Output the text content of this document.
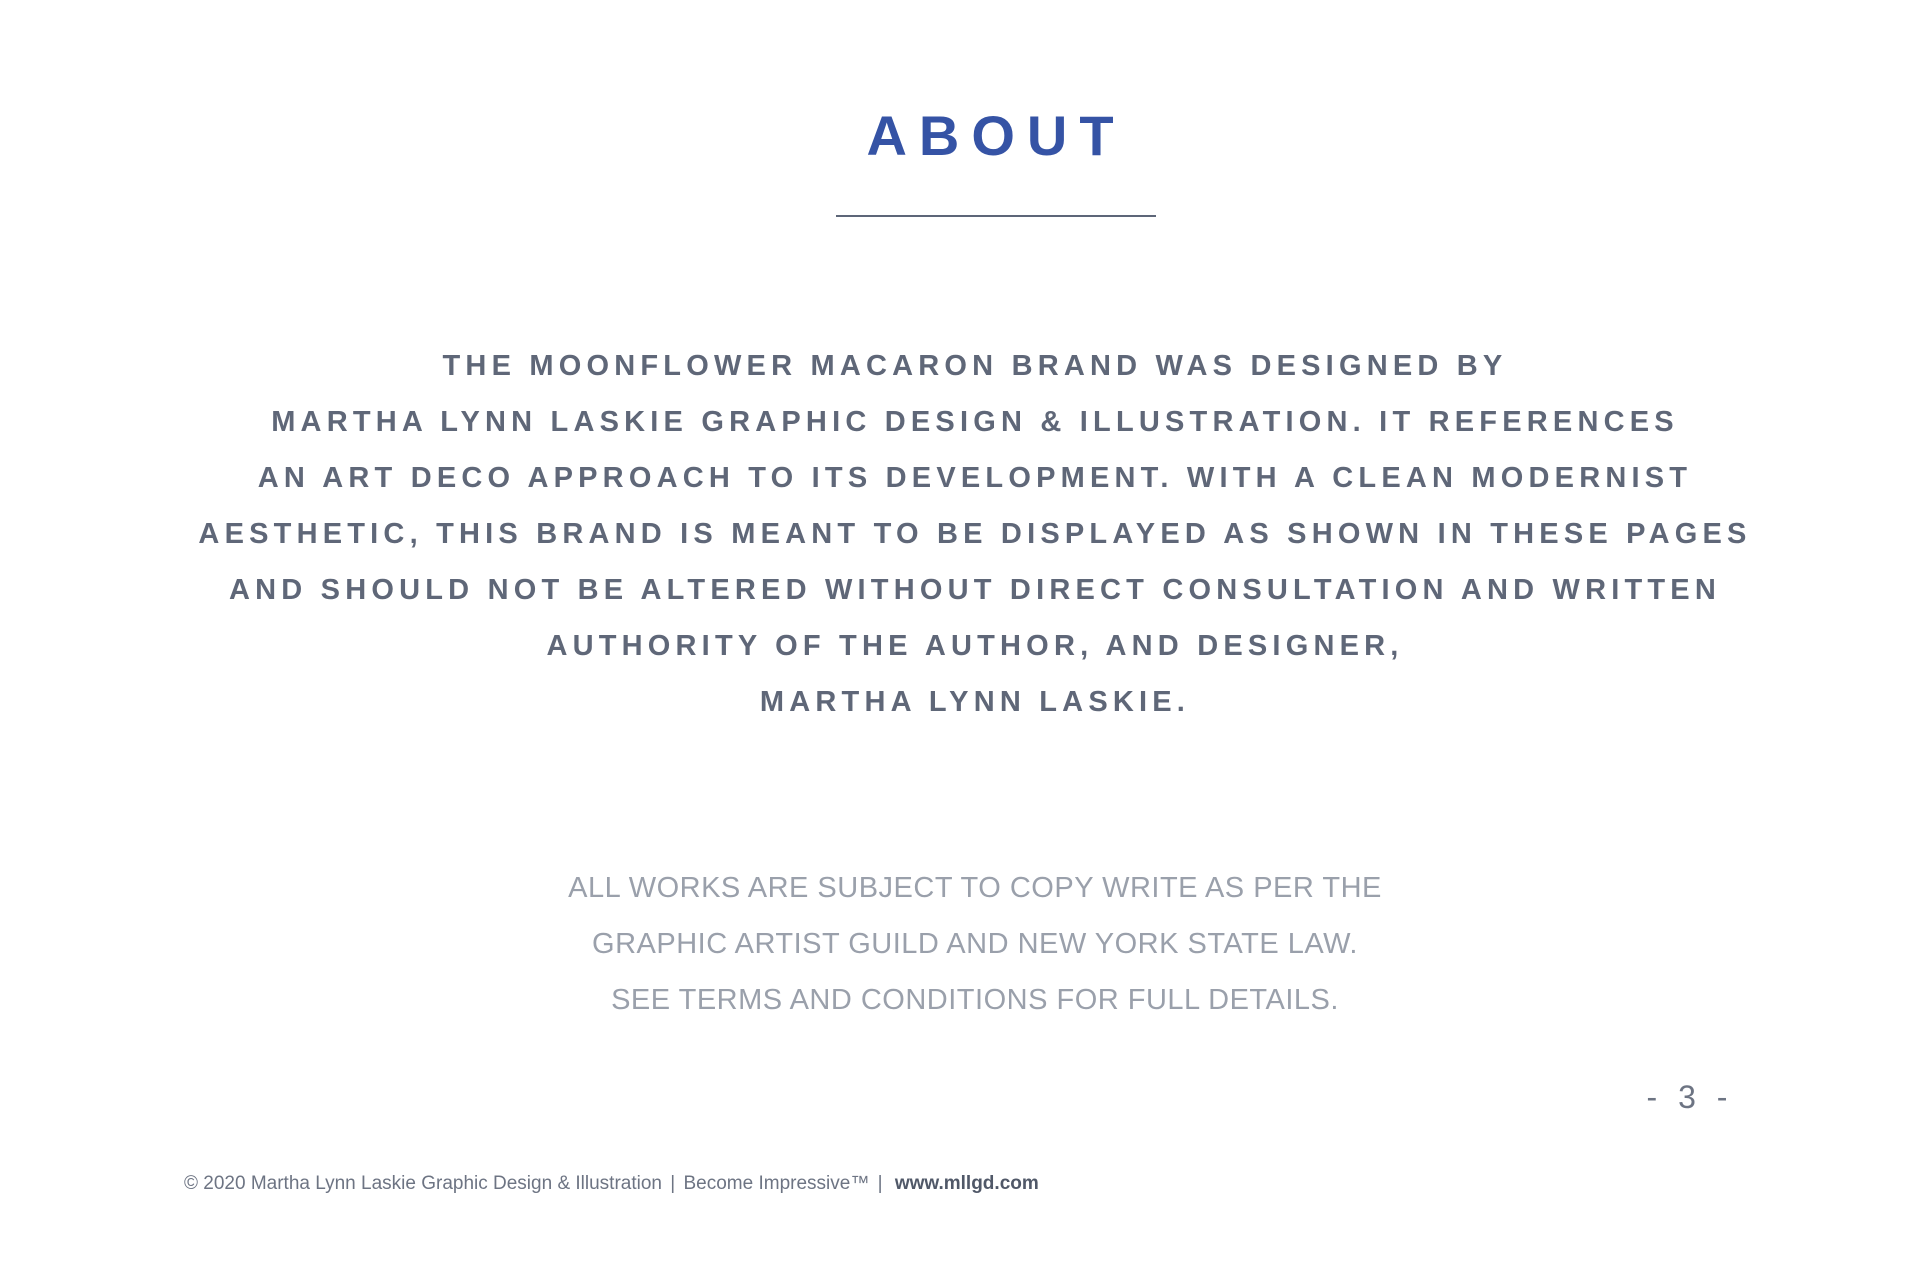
ABOUT
THE MOONFLOWER MACARON BRAND WAS DESIGNED BY
MARTHA LYNN LASKIE GRAPHIC DESIGN & ILLUSTRATION. IT REFERENCES
AN ART DECO APPROACH TO ITS DEVELOPMENT. WITH A CLEAN MODERNIST
AESTHETIC, THIS BRAND IS MEANT TO BE DISPLAYED AS SHOWN IN THESE PAGES
AND SHOULD NOT BE ALTERED WITHOUT DIRECT CONSULTATION AND WRITTEN
AUTHORITY OF THE AUTHOR, AND DESIGNER,
MARTHA LYNN LASKIE.
ALL WORKS ARE SUBJECT TO COPY WRITE AS PER THE
GRAPHIC ARTIST GUILD AND NEW YORK STATE LAW.
SEE TERMS AND CONDITIONS FOR FULL DETAILS.
- 3 -
© 2020 Martha Lynn Laskie Graphic Design & Illustration | Become Impressive™ | www.mllgd.com
